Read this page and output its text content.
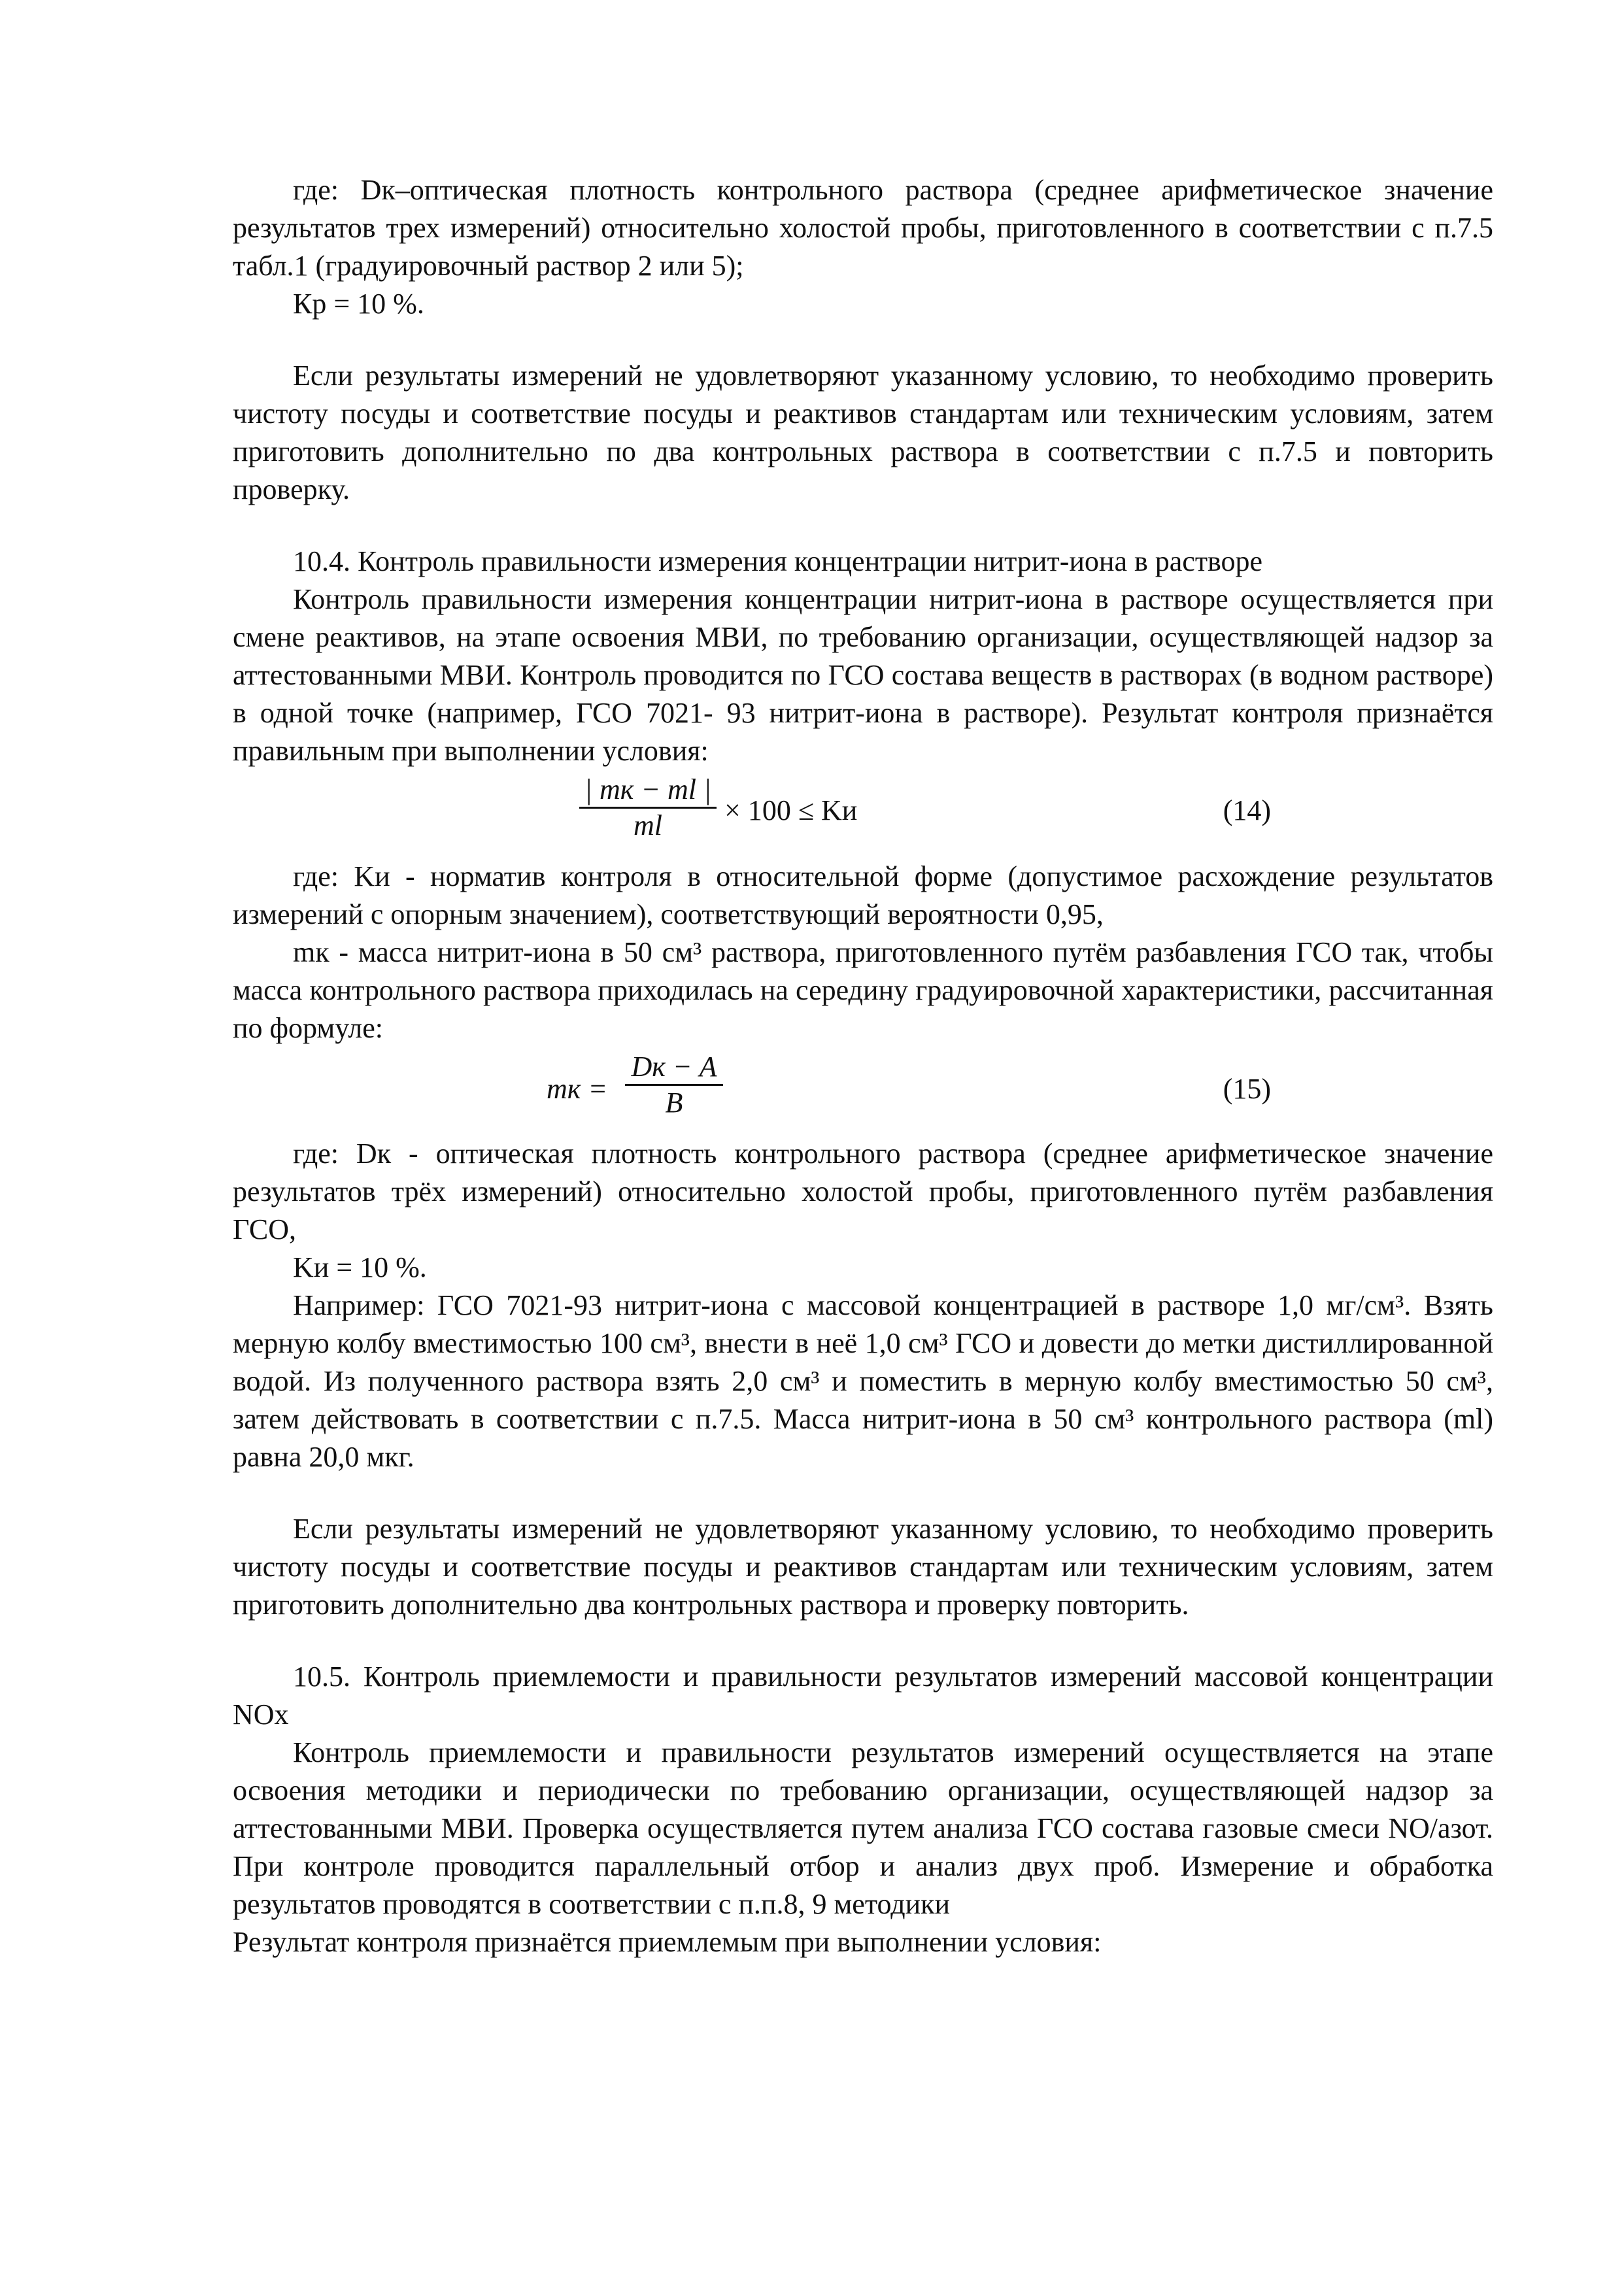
где: Dк–оптическая плотность контрольного раствора (среднее арифметическое значение результатов трех измерений) относительно холостой пробы, приготовленного в соответствии с п.7.5 табл.1 (градуировочный раствор 2 или 5);

Кр = 10 %.

Если результаты измерений не удовлетворяют указанному условию, то необходимо проверить чистоту посуды и соответствие посуды и реактивов стандартам или техническим условиям, затем приготовить дополнительно по два контрольных раствора в соответствии с п.7.5 и повторить проверку.

10.4. Контроль правильности измерения концентрации нитрит-иона в растворе

Контроль правильности измерения концентрации нитрит-иона в растворе осуществляется при смене реактивов, на этапе освоения МВИ, по требованию организации, осуществляющей надзор за аттестованными МВИ. Контроль проводится по ГСО состава веществ в растворах (в водном растворе) в одной точке (например, ГСО 7021- 93 нитрит-иона в растворе). Результат контроля признаётся правильным при выполнении условия:

| mк − ml |
ml × 100 ≤ Kи	(14)

где: Kи - норматив контроля в относительной форме (допустимое расхождение результатов измерений с опорным значением), соответствующий вероятности 0,95,

mк - масса нитрит-иона в 50 см³ раствора, приготовленного путём разбавления ГСО так, чтобы масса контрольного раствора приходилась на середину градуировочной характеристики, рассчитанная по формуле:

mк =
Dк − A
B	(15)

где: Dк - оптическая плотность контрольного раствора (среднее арифметическое значение результатов трёх измерений) относительно холостой пробы, приготовленного путём разбавления ГСО,

Kи = 10 %.

Например: ГСО 7021-93 нитрит-иона с массовой концентрацией в растворе 1,0 мг/см³. Взять мерную колбу вместимостью 100 см³, внести в неё 1,0 см³ ГСО и довести до метки дистиллированной водой. Из полученного раствора взять 2,0 см³ и поместить в мерную колбу вместимостью 50 см³, затем действовать в соответствии с п.7.5. Масса нитрит-иона в 50 см³ контрольного раствора (ml) равна 20,0 мкг.

Если результаты измерений не удовлетворяют указанному условию, то необходимо проверить чистоту посуды и соответствие посуды и реактивов стандартам или техническим условиям, затем приготовить дополнительно два контрольных раствора и проверку повторить.

10.5. Контроль приемлемости и правильности результатов измерений массовой концентрации NOx

Контроль приемлемости и правильности результатов измерений осуществляется на этапе освоения методики и периодически по требованию организации, осуществляющей надзор за аттестованными МВИ. Проверка осуществляется путем анализа ГСО состава газовые смеси NO/азот. При контроле проводится параллельный отбор и анализ двух проб. Измерение и обработка результатов проводятся в соответствии с п.п.8, 9 методики

Результат контроля признаётся приемлемым при выполнении условия:
